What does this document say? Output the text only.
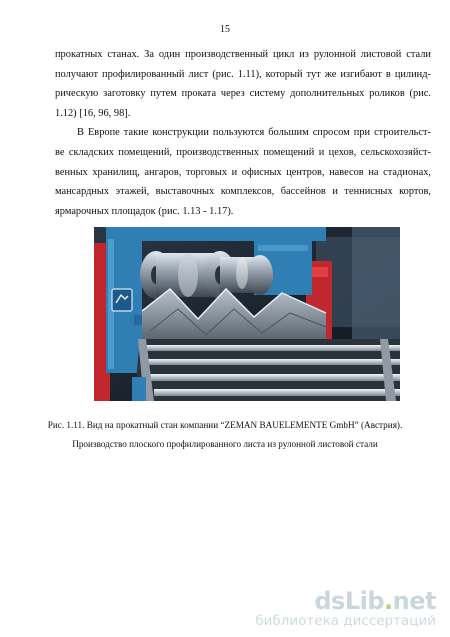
15

прокатных станах. За один производственный цикл из рулонной листовой стали
получают профилированный лист (рис. 1.11), который тут же изгибают в цилинд-
рическую заготовку путем проката через систему дополнительных роликов (рис.
1.12) [16, 96, 98].

В Европе такие конструкции пользуются большим спросом при строительст-
ве складских помещений, производственных помещений и цехов, сельскохозяйст-
венных хранилищ, ангаров, торговых и офисных центров, навесов на стадионах,
мансардных этажей, выставочных комплексов, бассейнов и теннисных кортов,
ярмарочных площадок (рис. 1.13 - 1.17).

Рис. 1.11. Вид на прокатный стан компании “ZEMAN BAUELEMENTE GmbH” (Австрия).
Производство плоского профилированного листа из рулонной листовой стали
dsLib.net
библиотека диссертаций
